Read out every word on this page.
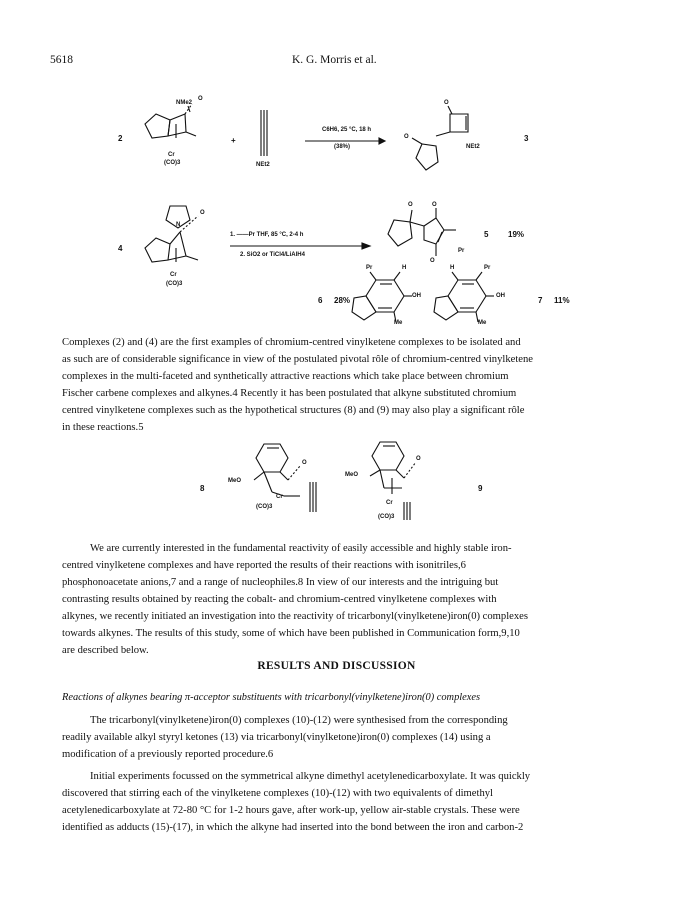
5618	K. G. Morris et al.
2
NMe2
O
Cr
(CO)3
+
NEt2
C6H6, 25 °C, 18 h
(38%)
O
O
NEt2
3
4
N
O
Cr
(CO)3
1. ——Pr THF, 85 °C, 2-4 h
2. SiO2 or TiCl4/LiAlH4
O	O
O
Pr
5 19%
6 28%
Pr	H
OH
Me
H	Pr
OH
Me
7 11%
Complexes (2) and (4) are the first examples of chromium-centred vinylketene complexes to be isolated and
as such are of considerable significance in view of the postulated pivotal rôle of chromium-centred vinylketene
complexes in the multi-faceted and synthetically attractive reactions which take place between chromium
Fischer carbene complexes and alkynes.4 Recently it has been postulated that alkyne substituted chromium
centred vinylketene complexes such as the hypothetical structures (8) and (9) may also play a significant rôle
in these reactions.5
8
MeO
O
Cr
(CO)3
MeO
O
Cr
(CO)3
9
We are currently interested in the fundamental reactivity of easily accessible and highly stable iron-
centred vinylketene complexes and have reported the results of their reactions with isonitriles,6
phosphonoacetate anions,7 and a range of nucleophiles.8 In view of our interests and the intriguing but
contrasting results obtained by reacting the cobalt- and chromium-centred vinylketene complexes with
alkynes, we recently initiated an investigation into the reactivity of tricarbonyl(vinylketene)iron(0) complexes
towards alkynes. The results of this study, some of which have been published in Communication form,9,10
are described below.
RESULTS AND DISCUSSION
Reactions of alkynes bearing π-acceptor substituents with tricarbonyl(vinylketene)iron(0) complexes
The tricarbonyl(vinylketene)iron(0) complexes (10)-(12) were synthesised from the corresponding
readily available alkyl styryl ketones (13) via tricarbonyl(vinylketone)iron(0) complexes (14) using a
modification of a previously reported procedure.6
Initial experiments focussed on the symmetrical alkyne dimethyl acetylenedicarboxylate. It was quickly
discovered that stirring each of the vinylketene complexes (10)-(12) with two equivalents of dimethyl
acetylenedicarboxylate at 72-80 °C for 1-2 hours gave, after work-up, yellow air-stable crystals. These were
identified as adducts (15)-(17), in which the alkyne had inserted into the bond between the iron and carbon-2
